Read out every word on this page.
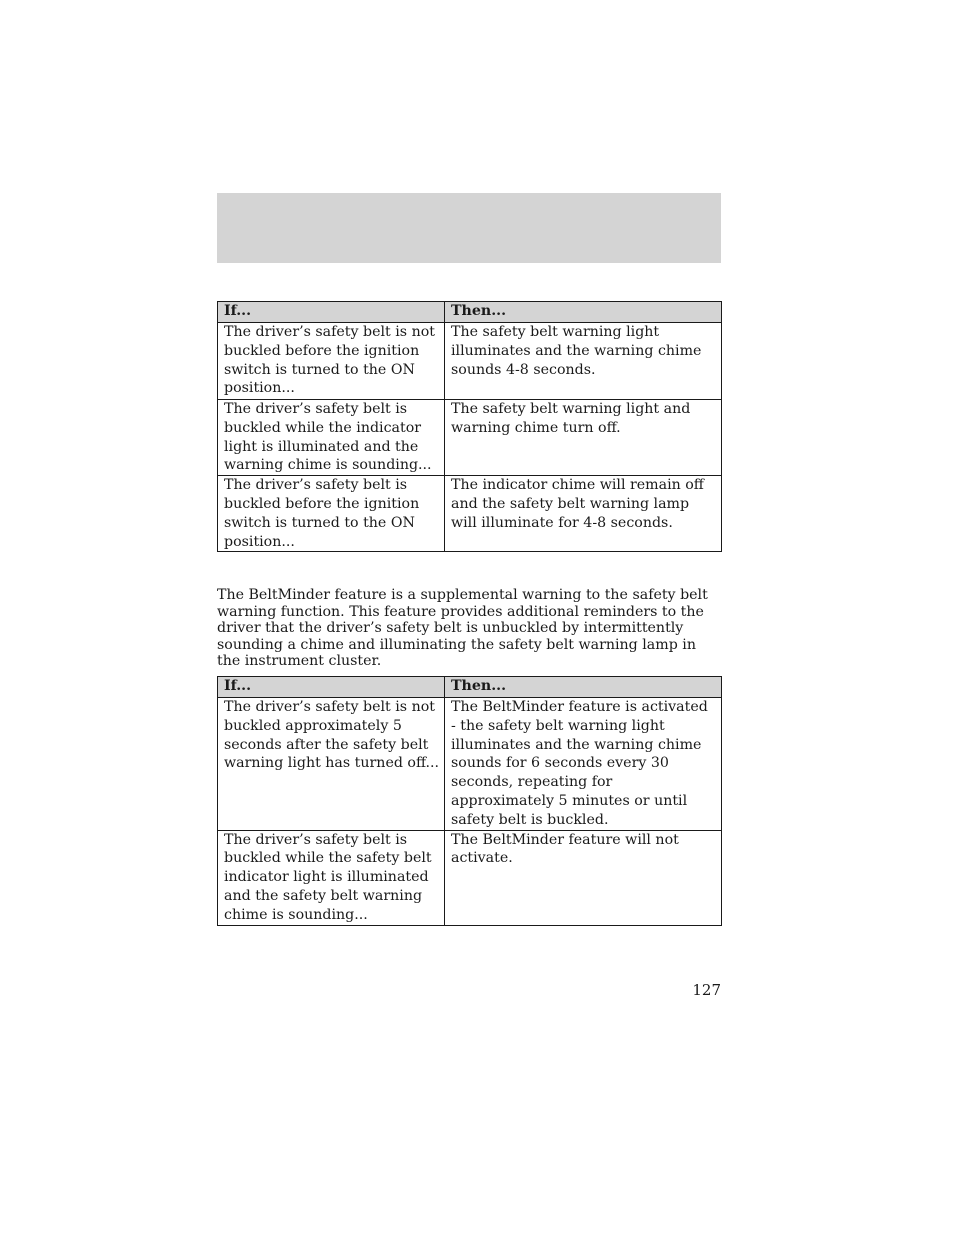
If...	Then...
The driver’s safety belt is not buckled before the ignition switch is turned to the ON position...	The safety belt warning light illuminates and the warning chime sounds 4-8 seconds.
The driver’s safety belt is buckled while the indicator light is illuminated and the warning chime is sounding...	The safety belt warning light and warning chime turn off.
The driver’s safety belt is buckled before the ignition switch is turned to the ON position...	The indicator chime will remain off and the safety belt warning lamp will illuminate for 4-8 seconds.

The BeltMinder feature is a supplemental warning to the safety belt warning function. This feature provides additional reminders to the driver that the driver’s safety belt is unbuckled by intermittently sounding a chime and illuminating the safety belt warning lamp in the instrument cluster.

If...	Then...
The driver’s safety belt is not buckled approximately 5 seconds after the safety belt warning light has turned off...	The BeltMinder feature is activated - the safety belt warning light illuminates and the warning chime sounds for 6 seconds every 30 seconds, repeating for approximately 5 minutes or until safety belt is buckled.
The driver’s safety belt is buckled while the safety belt indicator light is illuminated and the safety belt warning chime is sounding...	The BeltMinder feature will not activate.
127
